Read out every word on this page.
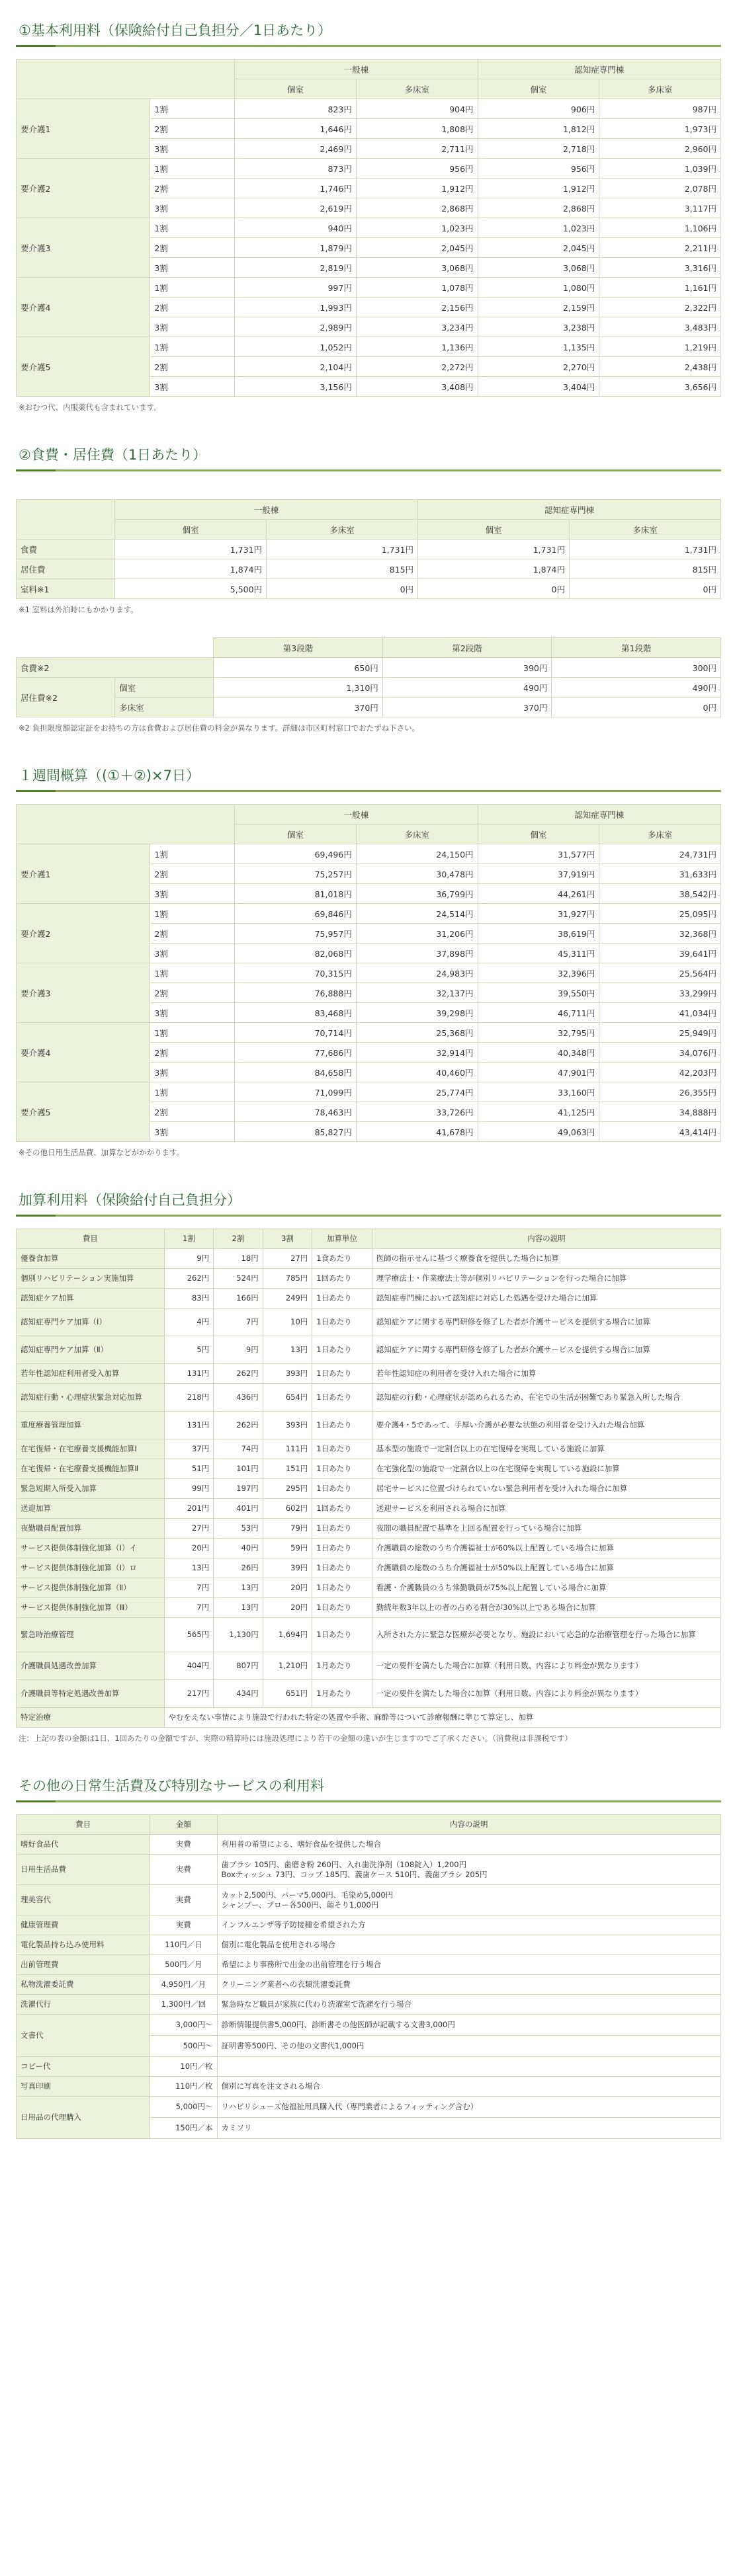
①基本利用料（保険給付自己負担分／1日あたり）
		一般棟		認知症専門棟	
		個室	多床室	個室	多床室
要介護1	1割	823円	904円	906円	987円
	2割	1,646円	1,808円	1,812円	1,973円
	3割	2,469円	2,711円	2,718円	2,960円
要介護2	1割	873円	956円	956円	1,039円
	2割	1,746円	1,912円	1,912円	2,078円
	3割	2,619円	2,868円	2,868円	3,117円
要介護3	1割	940円	1,023円	1,023円	1,106円
	2割	1,879円	2,045円	2,045円	2,211円
	3割	2,819円	3,068円	3,068円	3,316円
要介護4	1割	997円	1,078円	1,080円	1,161円
	2割	1,993円	2,156円	2,159円	2,322円
	3割	2,989円	3,234円	3,238円	3,483円
要介護5	1割	1,052円	1,136円	1,135円	1,219円
	2割	2,104円	2,272円	2,270円	2,438円
	3割	3,156円	3,408円	3,404円	3,656円
※おむつ代、内服薬代も含まれています。
②食費・居住費（1日あたり）
	一般棟		認知症専門棟	
	個室	多床室	個室	多床室
食費	1,731円	1,731円	1,731円	1,731円
居住費	1,874円	815円	1,874円	815円
室料※1	5,500円	0円	0円	0円
※1 室料は外泊時にもかかります。
		第3段階	第2段階	第1段階
食費※2		650円	390円	300円
居住費※2	個室	1,310円	490円	490円
	多床室	370円	370円	0円
※2 負担限度額認定証をお持ちの方は食費および居住費の料金が異なります。詳細は市区町村窓口でおたずね下さい。
１週間概算（(①＋②)×7日）
		一般棟		認知症専門棟	
		個室	多床室	個室	多床室
要介護1	1割	69,496円	24,150円	31,577円	24,731円
	2割	75,257円	30,478円	37,919円	31,633円
	3割	81,018円	36,799円	44,261円	38,542円
要介護2	1割	69,846円	24,514円	31,927円	25,095円
	2割	75,957円	31,206円	38,619円	32,368円
	3割	82,068円	37,898円	45,311円	39,641円
要介護3	1割	70,315円	24,983円	32,396円	25,564円
	2割	76,888円	32,137円	39,550円	33,299円
	3割	83,468円	39,298円	46,711円	41,034円
要介護4	1割	70,714円	25,368円	32,795円	25,949円
	2割	77,686円	32,914円	40,348円	34,076円
	3割	84,658円	40,460円	47,901円	42,203円
要介護5	1割	71,099円	25,774円	33,160円	26,355円
	2割	78,463円	33,726円	41,125円	34,888円
	3割	85,827円	41,678円	49,063円	43,414円
※その他日用生活品費、加算などがかかります。
加算利用料（保険給付自己負担分）
費目	1割	2割	3割	加算単位	内容の説明
優養食加算	9円	18円	27円	1食あたり	医師の指示せんに基づく療養食を提供した場合に加算
個別リハビリテーション実施加算	262円	524円	785円	1回あたり	理学療法士・作業療法士等が個別リハビリテーションを行った場合に加算
認知症ケア加算	83円	166円	249円	1日あたり	認知症専門棟において認知症に対応した処遇を受けた場合に加算
認知症専門ケア加算（Ⅰ）	4円	7円	10円	1日あたり	認知症ケアに関する専門研修を修了した者が介護サービスを提供する場合に加算
認知症専門ケア加算（Ⅱ）	5円	9円	13円	1日あたり	認知症ケアに関する専門研修を修了した者が介護サービスを提供する場合に加算
若年性認知症利用者受入加算	131円	262円	393円	1日あたり	若年性認知症の利用者を受け入れた場合に加算
認知症行動・心理症状緊急対応加算	218円	436円	654円	1日あたり	認知症の行動・心理症状が認められるため、在宅での生活が困難であり緊急入所した場合
重度療養管理加算	131円	262円	393円	1日あたり	要介護4・5であって、手厚い介護が必要な状態の利用者を受け入れた場合加算
在宅復帰・在宅療養支援機能加算Ⅰ	37円	74円	111円	1日あたり	基本型の施設で一定割合以上の在宅復帰を実現している施設に加算
在宅復帰・在宅療養支援機能加算Ⅱ	51円	101円	151円	1日あたり	在宅強化型の施設で一定割合以上の在宅復帰を実現している施設に加算
緊急短期入所受入加算	99円	197円	295円	1日あたり	居宅サービスに位置づけられていない緊急利用者を受け入れた場合に加算
送迎加算	201円	401円	602円	1回あたり	送迎サービスを利用される場合に加算
夜勤職員配置加算	27円	53円	79円	1日あたり	夜間の職員配置で基準を上回る配置を行っている場合に加算
サービス提供体制強化加算（Ⅰ）イ	20円	40円	59円	1日あたり	介護職員の総数のうち介護福祉士が60%以上配置している場合に加算
サービス提供体制強化加算（Ⅰ）ロ	13円	26円	39円	1日あたり	介護職員の総数のうち介護福祉士が50%以上配置している場合に加算
サービス提供体制強化加算（Ⅱ）	7円	13円	20円	1日あたり	看護・介護職員のうち常勤職員が75%以上配置している場合に加算
サービス提供体制強化加算（Ⅲ）	7円	13円	20円	1日あたり	勤続年数3年以上の者の占める割合が30%以上である場合に加算
緊急時治療管理	565円	1,130円	1,694円	1日あたり	入所された方に緊急な医療が必要となり、施設において応急的な治療管理を行った場合に加算
介護職員処遇改善加算	404円	807円	1,210円	1月あたり	一定の要件を満たした場合に加算（利用日数、内容により料金が異なります）
介護職員等特定処遇改善加算	217円	434円	651円	1月あたり	一定の要件を満たした場合に加算（利用日数、内容により料金が異なります）
特定治療	やむをえない事情により施設で行われた特定の処置や手術、麻酔等について診療報酬に準じて算定し、加算				
注：上記の表の金額は1日、1回あたりの金額ですが、実際の精算時には施設処理により若干の金額の違いが生じますのでご了承ください。（消費税は非課税です）
その他の日常生活費及び特別なサービスの利用料
費目	金額	内容の説明
嗜好食品代	実費	利用者の希望による、嗜好食品を提供した場合
日用生活品費	実費	歯ブラシ 105円、歯磨き粉 260円、入れ歯洗浄剤（108錠入）1,200円
Boxティッシュ 73円、コップ 185円、義歯ケース 510円、義歯ブラシ 205円
理美容代	実費	カット2,500円、パーマ5,000円、毛染め5,000円
シャンプー、ブロー各500円、顔そり1,000円
健康管理費	実費	インフルエンザ等予防接種を希望された方
電化製品持ち込み使用料	110円／日	個別に電化製品を使用される場合
出前管理費	500円／月	希望により事務所で出金の出前管理を行う場合
私物洗濯委託費	4,950円／月	クリーニング業者への衣類洗濯委託費
洗濯代行	1,300円／回	緊急時など職員が家族に代わり洗濯室で洗濯を行う場合
文書代	3,000円〜	診断情報提供書5,000円、診断書その他医師が記載する文書3,000円
	500円〜	証明書等500円、その他の文書代1,000円
コピー代	10円／枚	
写真印刷	110円／枚	個別に写真を注文される場合
日用品の代理購入	5,000円〜	リハビリシューズ他福祉用具購入代（専門業者によるフィッティング含む）
	150円／本	カミソリ
